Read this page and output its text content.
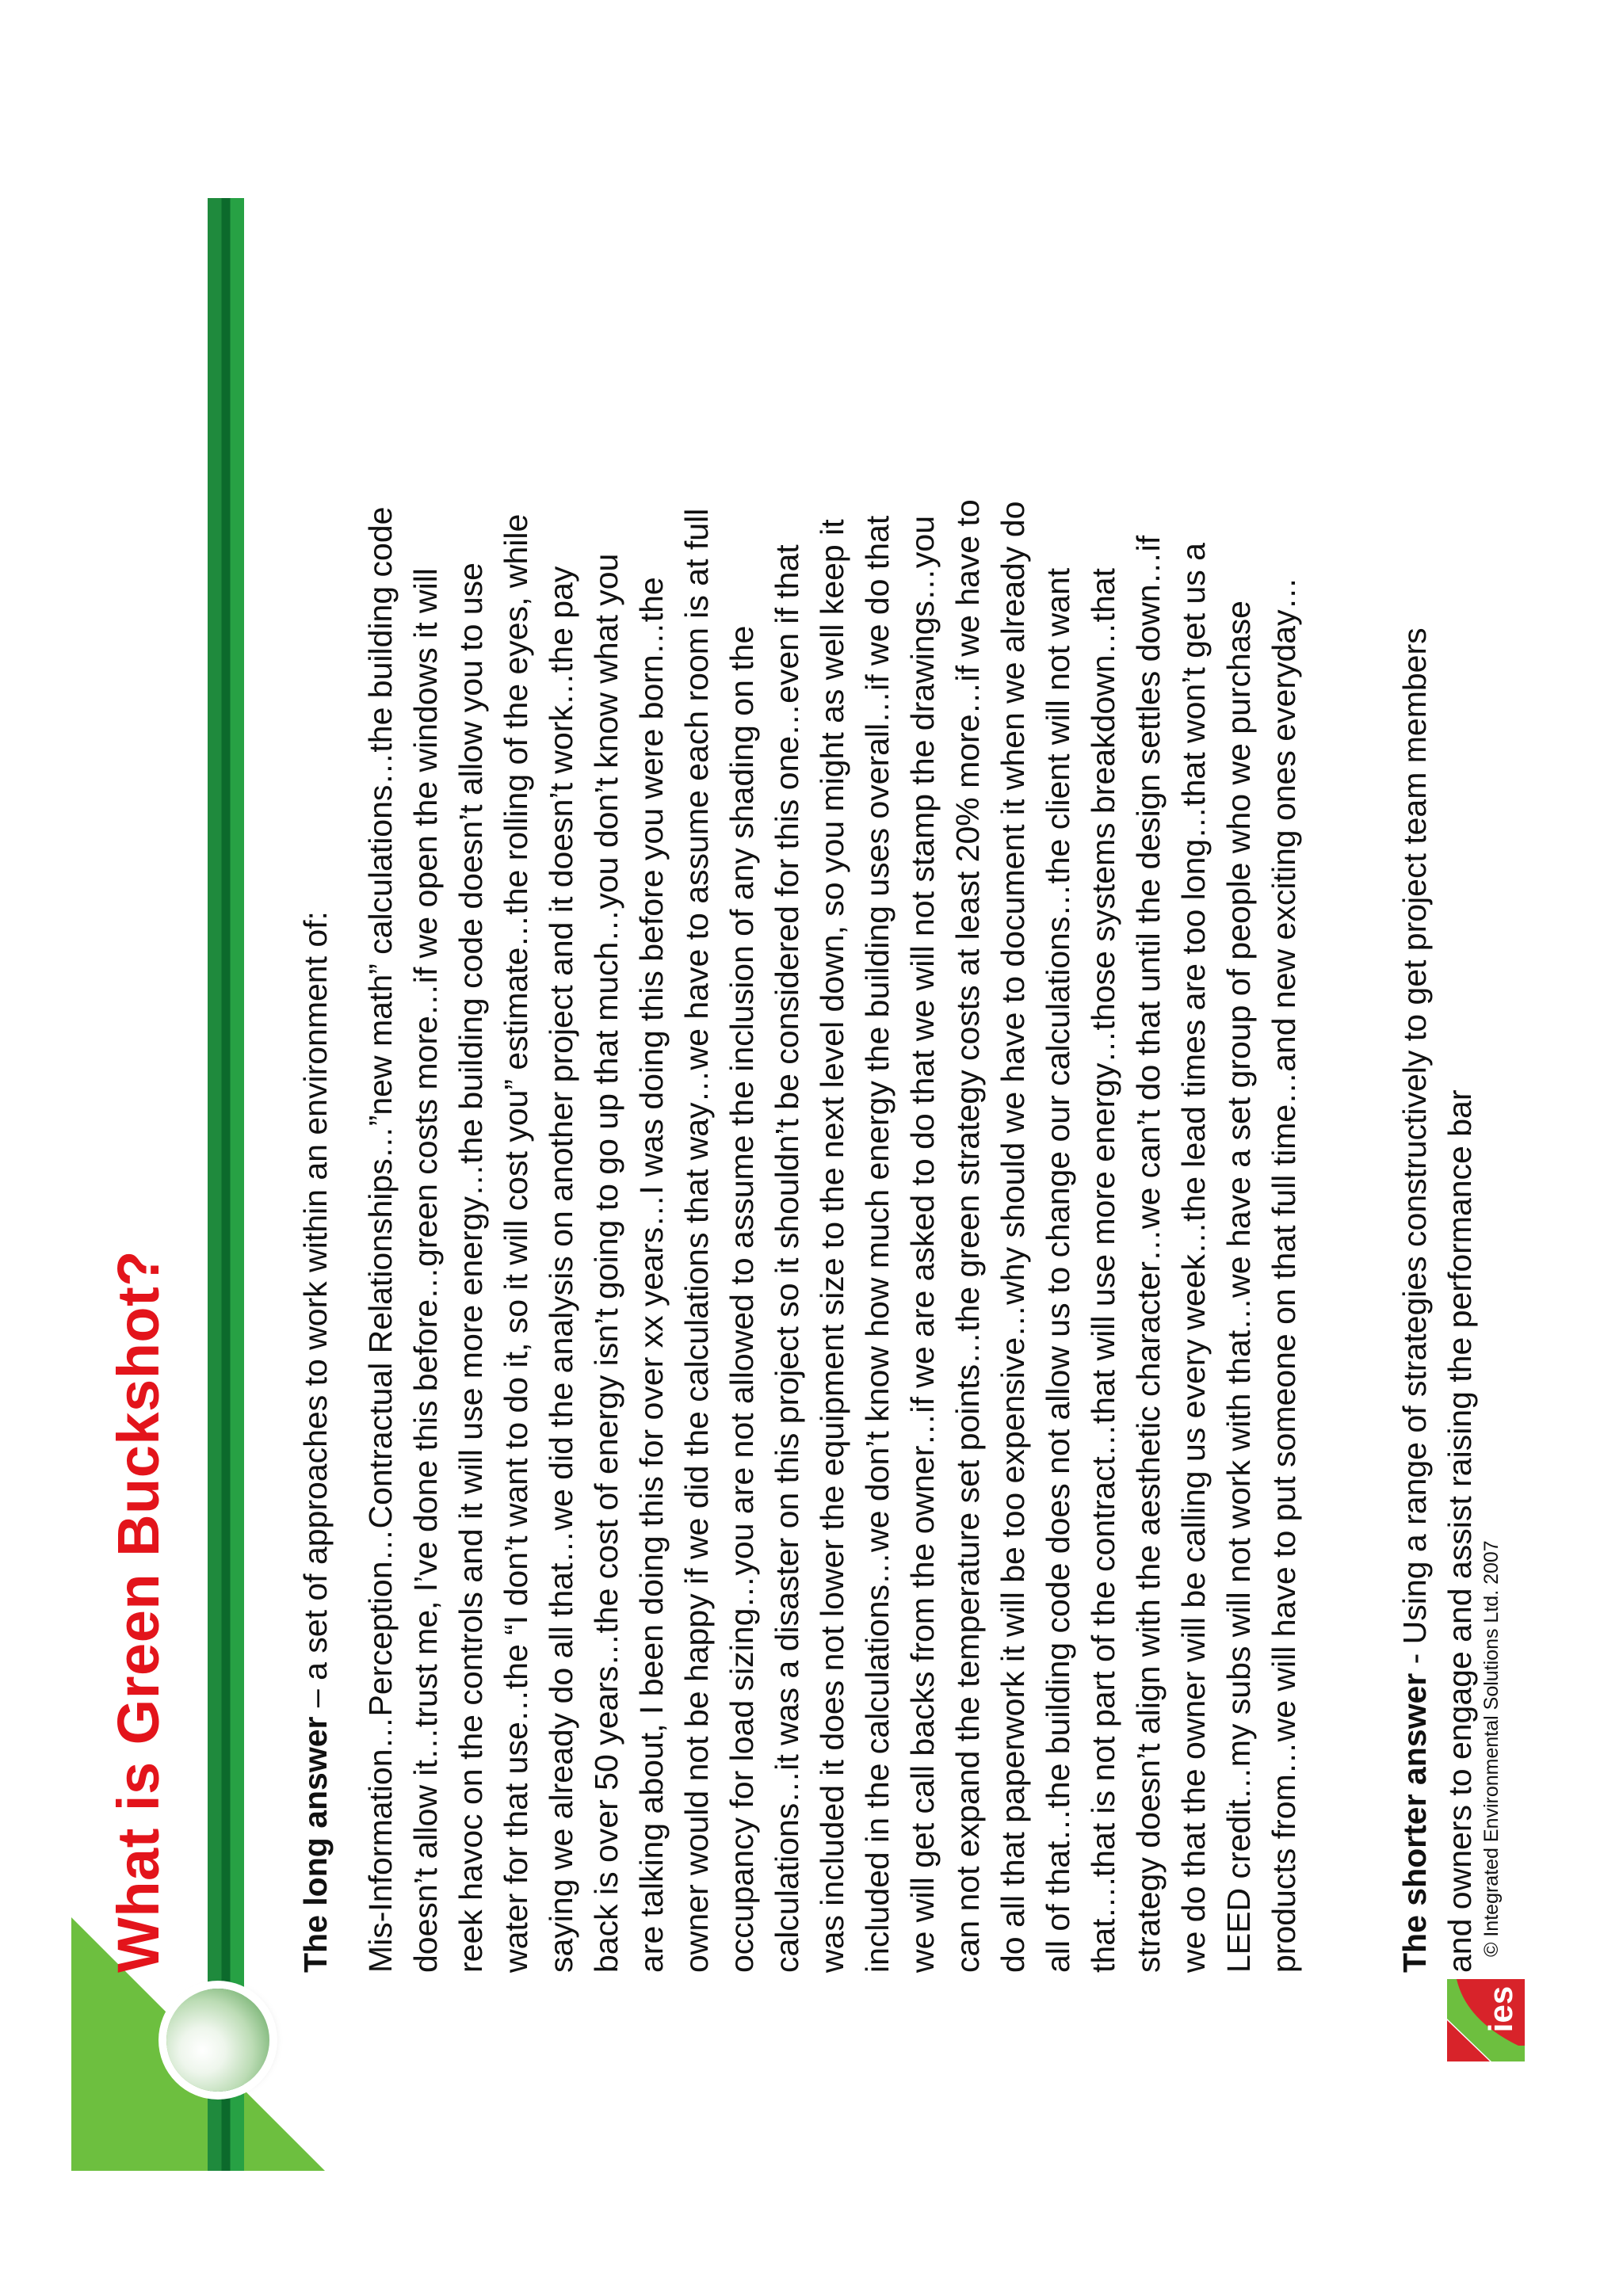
What is Green Buckshot?	The long answer – a set of approaches to work within an environment of: Mis-Information…Perception…Contractual Relationships…”new math” calculations…the building code doesn’t allow it…trust me, I’ve done this before…green costs more…if we open the windows it will reek havoc on the controls and it will use more energy…the building code doesn’t allow you to use water for that use…the “I don’t want to do it, so it will cost you” estimate…the rolling of the eyes, while saying we already do all that…we did the analysis on another project and it doesn’t work…the pay back is over 50 years…the cost of energy isn’t going to go up that much…you don’t know what you are talking about, I been doing this for over xx years…I was doing this before you were born…the owner would not be happy if we did the calculations that way…we have to assume each room is at full occupancy for load sizing…you are not allowed to assume the inclusion of any shading on the calculations…it was a disaster on this project so it shouldn’t be considered for this one…even if that was included it does not lower the equipment size to the next level down, so you might as well keep it included in the calculations…we don’t know how much energy the building uses overall…if we do that we will get call backs from the owner…if we are asked to do that we will not stamp the drawings…you can not expand the temperature set points…the green strategy costs at least 20% more…if we have to do all that paperwork it will be too expensive…why should we have to document it when we already do all of that…the building code does not allow us to change our calculations…the client will not want that….that is not part of the contract…that will use more energy…those systems breakdown…that strategy doesn’t align with the aesthetic character…we can’t do that until the design settles down…if we do that the owner will be calling us every week…the lead times are too long…that won’t get us a LEED credit…my subs will not work with that…we have a set group of people who we purchase products from…we will have to put someone on that full time…and new exciting ones everyday…	The shorter answer - Using a range of strategies constructively to get project team members and owners to engage and assist raising the performance bar

ies

© Integrated Environmental Solutions Ltd. 2007
